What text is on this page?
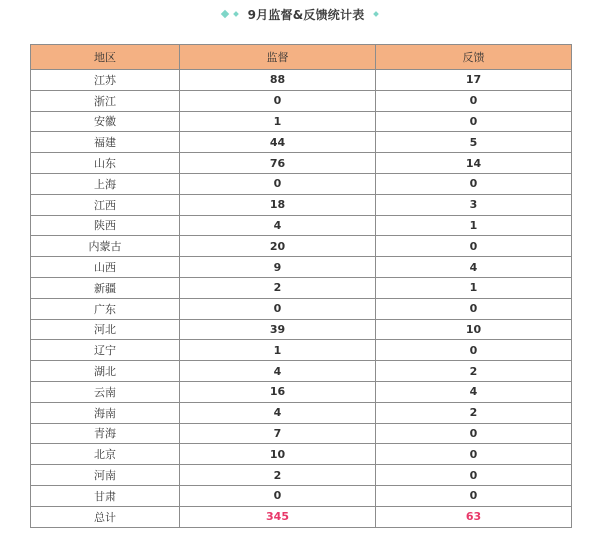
9月监督&反馈统计表
地区	监督	反馈
江苏	88	17
浙江	0	0
安徽	1	0
福建	44	5
山东	76	14
上海	0	0
江西	18	3
陕西	4	1
内蒙古	20	0
山西	9	4
新疆	2	1
广东	0	0
河北	39	10
辽宁	1	0
湖北	4	2
云南	16	4
海南	4	2
青海	7	0
北京	10	0
河南	2	0
甘肃	0	0
总计	345	63
